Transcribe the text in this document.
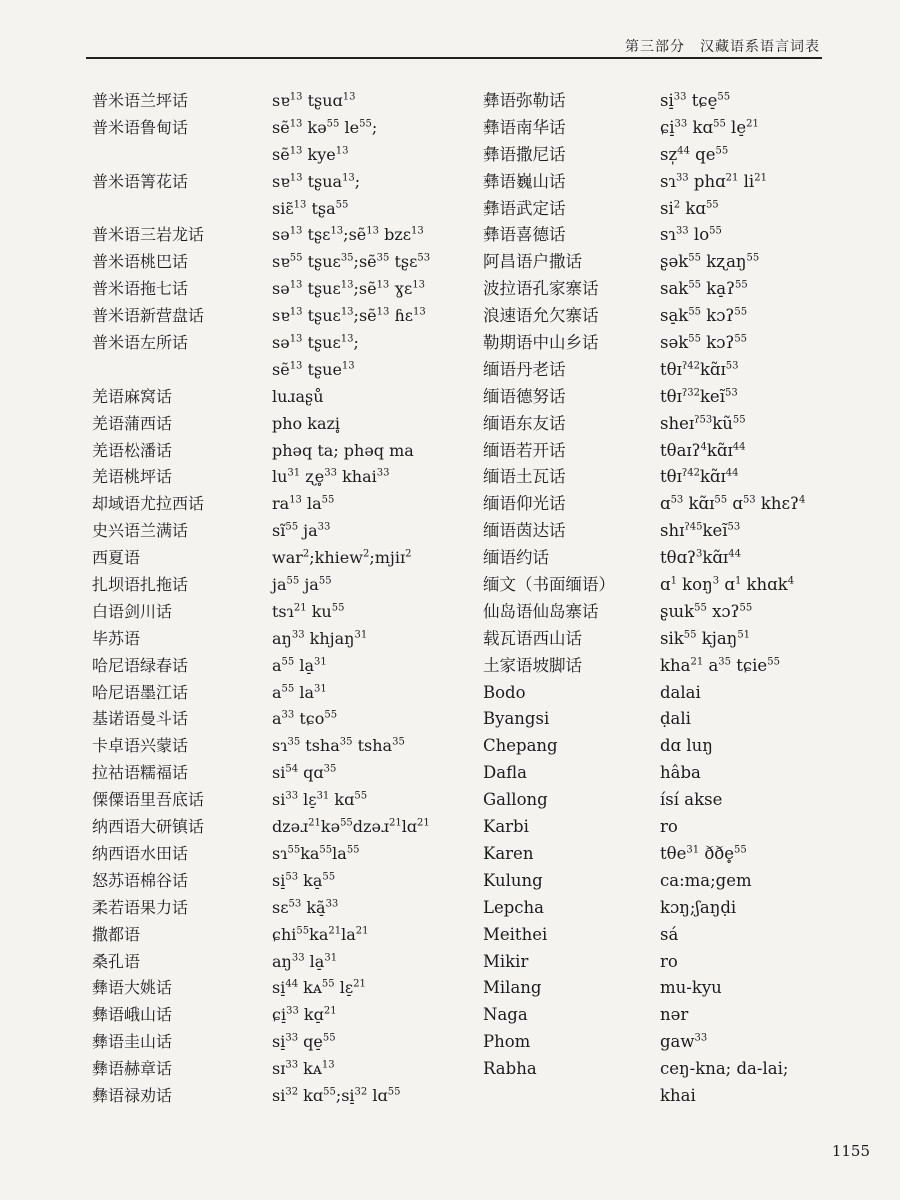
第三部分　汉藏语系语言词表
普米语兰坪话
普米语鲁甸话
普米语箐花话
普米语三岩龙话
普米语桃巴话
普米语拖七话
普米语新营盘话
普米语左所话
羌语麻窝话
羌语蒲西话
羌语松潘话
羌语桃坪话
却域语尤拉西话
史兴语兰满话
西夏语
扎坝语扎拖话
白语剑川话
毕苏语
哈尼语绿春话
哈尼语墨江话
基诺语曼斗话
卡卓语兴蒙话
拉祜语糯福话
傈僳语里吾底话
纳西语大研镇话
纳西语水田话
怒苏语棉谷话
柔若语果力话
撒都语
桑孔语
彝语大姚话
彝语峨山话
彝语圭山话
彝语赫章话
彝语禄劝话
sɐ$^{13}$ tʂuɑ$^{13}$
sẽ$^{13}$ kə$^{55}$ $le^{55}$;
sẽ$^{13}$ kye$^{13}$
sɐ$^{13}$ tʂua$^{13}$;
siɛ̃$^{13}$ tʂa$^{55}$
sə$^{13}$ tʂɛ$^{13}$;sẽ$^{13}$ bzɛ$^{13}$
sɐ$^{55}$ tʂuɛ$^{35}$;sẽ$^{35}$ tʂɛ$^{53}$
sə$^{13}$ tʂuɛ$^{13}$;sẽ$^{13}$ ɣɛ$^{13}$
sɐ$^{13}$ tʂuɛ$^{13}$;sẽ$^{13}$ ɦɛ$^{13}$
sə$^{13}$ tʂuɛ$^{13}$;
sẽ$^{13}$ tʂue$^{13}$
luɹaʂů
pho kazi̥
phəq ta; phəq ma
$lu^{31}$ ʐe̥$^{33}$ khai$^{33}$
$ra^{13}$ $la^{55}$
$sĩ^{55}$ $ja^{33}$
war$^2$;khiew$^2$;mjiɪ$^2$
$ja^{55}$ $ja^{55}$
tsɿ$^{21}$ $ku^{55}$
$aŋ^{33}$ khjaŋ$^{31}$
$a^{55}$ la̠$^{31}$
$a^{55}$ $la^{31}$
$a^{33}$ tɕo$^{55}$
sɿ$^{35}$ tsha$^{35}$ tsha$^{35}$
$si^{54}$ qɑ$^{35}$
$si^{33}$ lɛ̠$^{31}$ kɑ$^{55}$
dzəɹ$^{21}$kə$^{55}$dzəɹ$^{21}$lɑ$^{21}$
$sɿ^{55}ka^{55}la^{55}$
si̠$^{53}$ ka̠$^{55}$
sɛ$^{53}$ kã̠$^{33}$
$ɕhi^{55}ka^{21}la^{21}$
$aŋ^{33}$ la̠$^{31}$
si̠$^{44}$ kᴀ$^{55}$ lɛ̠$^{21}$
ɕi̠$^{33}$ kɑ̠$^{21}$
si̠$^{33}$ qe̠$^{55}$
sɪ$^{33}$ kᴀ$^{13}$
$si^{32}$ kɑ$^{55}$;si̠$^{32}$ lɑ$^{55}$
彝语弥勒话
彝语南华话
彝语撒尼话
彝语巍山话
彝语武定话
彝语喜德话
阿昌语户撒话
波拉语孔家寨话
浪速语允欠寨话
勒期语中山乡话
缅语丹老话
缅语德努话
缅语东友话
缅语若开话
缅语土瓦话
缅语仰光话
缅语茵达话
缅语约话
缅文（书面缅语）
仙岛语仙岛寨话
载瓦语西山话
土家语坡脚话
Bodo
Byangsi
Chepang
Dafla
Gallong
Karbi
Karen
Kulung
Lepcha
Meithei
Mikir
Milang
Naga
Phom
Rabha
si̠$^{33}$ tɕe̠$^{55}$
ɕi̠$^{33}$ kɑ$^{55}$ le̠$^{21}$
sz̩$^{44}$ $qe^{55}$
sɿ$^{33}$ phɑ$^{21}$ $li^{21}$
$si^2$ kɑ$^{55}$
sɿ$^{33}$ $lo^{55}$
ʂək$^{55}$ kʐaŋ$^{55}$
sak$^{55}$ ka̠ʔ$^{55}$
$sa̠k^{55}$ kɔʔ$^{55}$
sək$^{55}$ kɔʔ$^{55}$
tθɪ$^{ʔ42}$kɑ̃ɪ$^{53}$
tθɪ$^{ʔ32}$keĩ$^{53}$
$sheɪ^{ʔ53}kũ^{55}$
tθaɪʔ$^4$kɑ̃ɪ$^{44}$
tθɪ$^{ʔ42}$kɑ̃ɪ$^{44}$
ɑ$^{53}$ kɑ̃ɪ$^{55}$ ɑ$^{53}$ khɛʔ$^4$
shɪ$^{ʔ45}$keĩ$^{53}$
tθɑʔ$^3$kɑ̃ɪ$^{44}$
ɑ$^1$ koŋ$^3$ ɑ$^1$ khɑk$^4$
ʂɯk$^{55}$ xɔʔ$^{55}$
sik$^{55}$ kjaŋ$^{51}$
kha$^{21}$ $a^{35}$ tɕie$^{55}$
dalai
ḍali
dɑ luŋ
hâba
ísí akse
ro
tθe$^{31}$ ððe̥$^{55}$
ca:ma;gem
kɔŋ;ʃaŋḍi
sá
ro
mu-kyu
nər
gaw$^{33}$
ceŋ-kna; da-lai;
khai
1155
